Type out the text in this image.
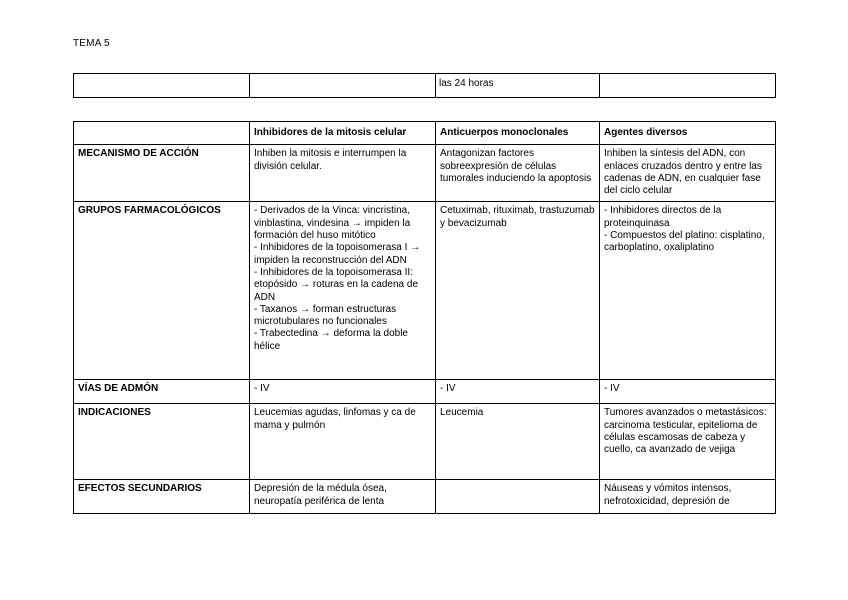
TEMA 5
		las 24 horas	
	Inhibidores de la mitosis celular	Anticuerpos monoclonales	Agentes diversos
MECANISMO DE ACCIÓN	Inhiben la mitosis e interrumpen la división celular.	Antagonizan factores sobreexpresión de células tumorales induciendo la apoptosis	Inhiben la síntesis del ADN, con enlaces cruzados dentro y entre las cadenas de ADN, en cualquier fase del ciclo celular
GRUPOS FARMACOLÓGICOS	- Derivados de la Vinca: vincristina, vinblastina, vindesina → impiden la formación del huso mitótico
- Inhibidores de la topoisomerasa I → impiden la reconstrucción del ADN
- Inhibidores de la topoisomerasa II: etopósido → roturas en la cadena de ADN
- Taxanos → forman estructuras microtubulares no funcionales
- Trabectedina → deforma la doble hélice	Cetuximab, rituximab, trastuzumab y bevacizumab	- Inhibidores directos de la proteinquinasa
- Compuestos del platino: cisplatino, carboplatino, oxaliplatino
VÍAS DE ADMÓN	- IV	- IV	- IV
INDICACIONES	Leucemias agudas, linfomas y ca de mama y pulmón	Leucemia	Tumores avanzados o metastásicos: carcinoma testicular, epitelioma de células escamosas de cabeza y cuello, ca avanzado de vejiga
EFECTOS SECUNDARIOS	Depresión de la médula ósea, neuropatía periférica de lenta		Náuseas y vómitos intensos, nefrotoxicidad, depresión de
